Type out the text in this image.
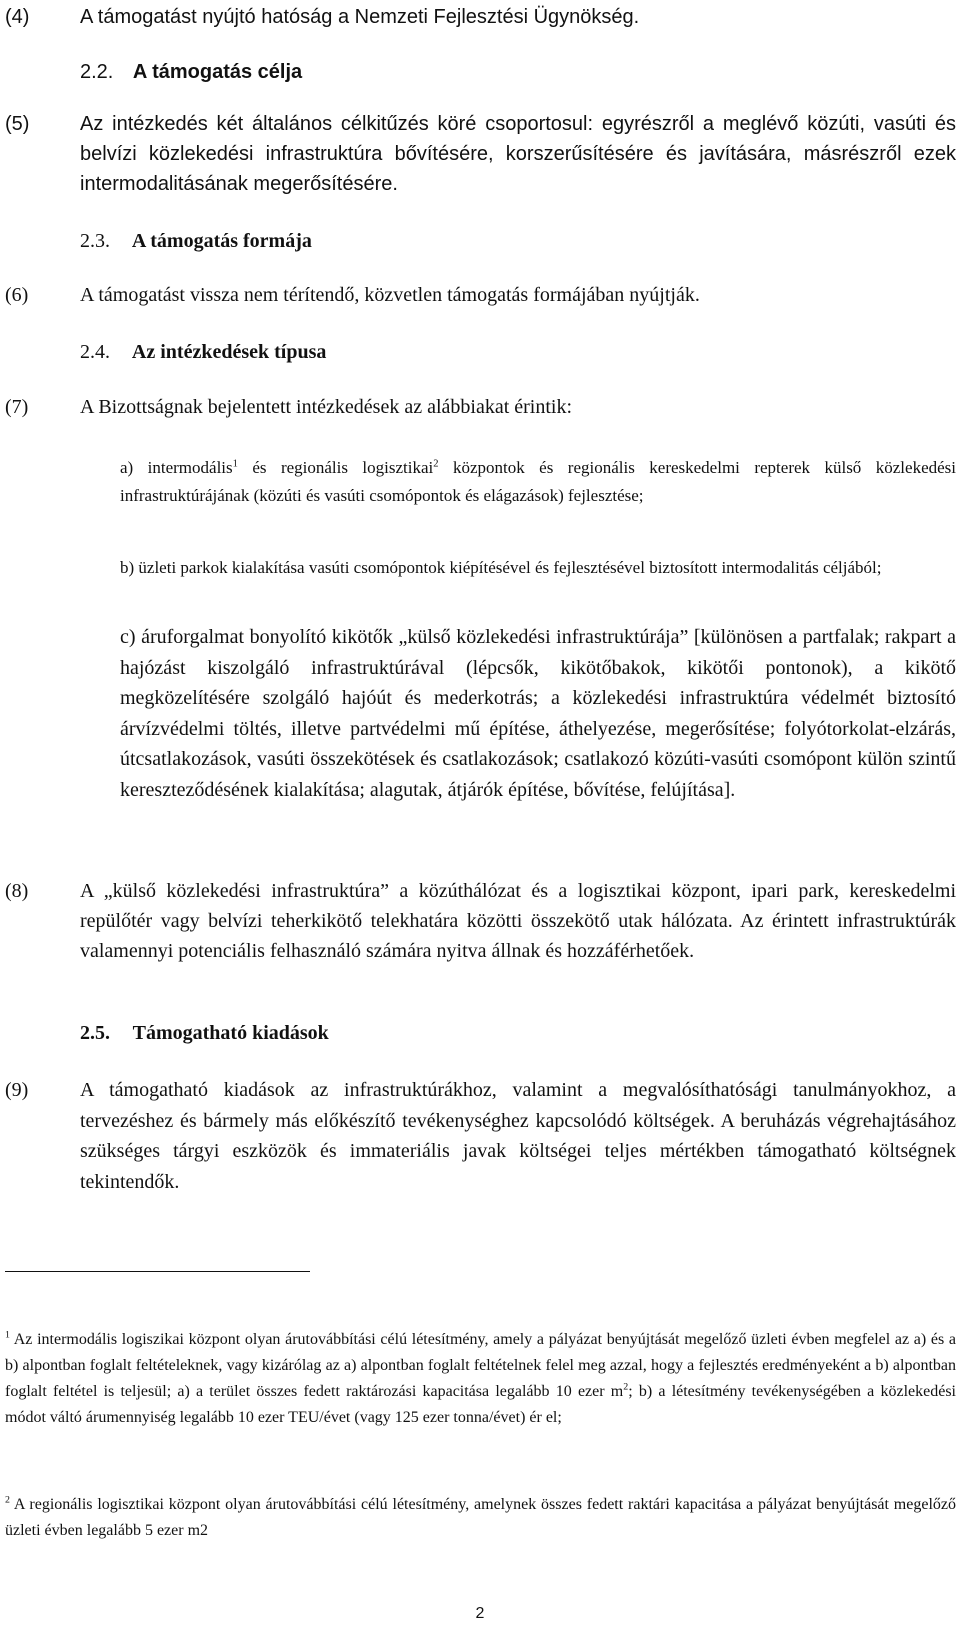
(4)	A támogatást nyújtó hatóság a Nemzeti Fejlesztési Ügynökség.
2.2. A támogatás célja
(5)	Az intézkedés két általános célkitűzés köré csoportosul: egyrészről a meglévő közúti, vasúti és belvízi közlekedési infrastruktúra bővítésére, korszerűsítésére és javítására, másrészről ezek intermodalitásának megerősítésére.
2.3. A támogatás formája
(6)	A támogatást vissza nem térítendő, közvetlen támogatás formájában nyújtják.
2.4. Az intézkedések típusa
(7)	A Bizottságnak bejelentett intézkedések az alábbiakat érintik:
a) intermodális$^1$ és regionális logisztikai$^2$ központok és regionális kereskedelmi repterek külső közlekedési infrastruktúrájának (közúti és vasúti csomópontok és elágazások) fejlesztése;
b) üzleti parkok kialakítása vasúti csomópontok kiépítésével és fejlesztésével biztosított intermodalitás céljából;
c) áruforgalmat bonyolító kikötők „külső közlekedési infrastruktúrája” [különösen a partfalak; rakpart a hajózást kiszolgáló infrastruktúrával (lépcsők, kikötőbakok, kikötői pontonok), a kikötő megközelítésére szolgáló hajóút és mederkotrás; a közlekedési infrastruktúra védelmét biztosító árvízvédelmi töltés, illetve partvédelmi mű építése, áthelyezése, megerősítése; folyótorkolat-elzárás, útcsatlakozások, vasúti összekötések és csatlakozások; csatlakozó közúti-vasúti csomópont külön szintű kereszteződésének kialakítása; alagutak, átjárók építése, bővítése, felújítása].
(8)	A „külső közlekedési infrastruktúra” a közúthálózat és a logisztikai központ, ipari park, kereskedelmi repülőtér vagy belvízi teherkikötő telekhatára közötti összekötő utak hálózata. Az érintett infrastruktúrák valamennyi potenciális felhasználó számára nyitva állnak és hozzáférhetőek.
2.5. Támogatható kiadások
(9)	A támogatható kiadások az infrastruktúrákhoz, valamint a megvalósíthatósági tanulmányokhoz, a tervezéshez és bármely más előkészítő tevékenységhez kapcsolódó költségek. A beruházás végrehajtásához szükséges tárgyi eszközök és immateriális javak költségei teljes mértékben támogatható költségnek tekintendők.
$^1$ Az intermodális logiszikai központ olyan árutovábbítási célú létesítmény, amely a pályázat benyújtását megelőző üzleti évben megfelel az a) és a b) alpontban foglalt feltételeknek, vagy kizárólag az a) alpontban foglalt feltételnek felel meg azzal, hogy a fejlesztés eredményeként a b) alpontban foglalt feltétel is teljesül; a) a terület összes fedett raktározási kapacitása legalább 10 ezer $m^2$; b) a létesítmény tevékenységében a közlekedési módot váltó árumennyiség legalább 10 ezer TEU/évet (vagy 125 ezer tonna/évet) ér el;
$^2$ A regionális logisztikai központ olyan árutovábbítási célú létesítmény, amelynek összes fedett raktári kapacitása a pályázat benyújtását megelőző üzleti évben legalább 5 ezer m2
2
